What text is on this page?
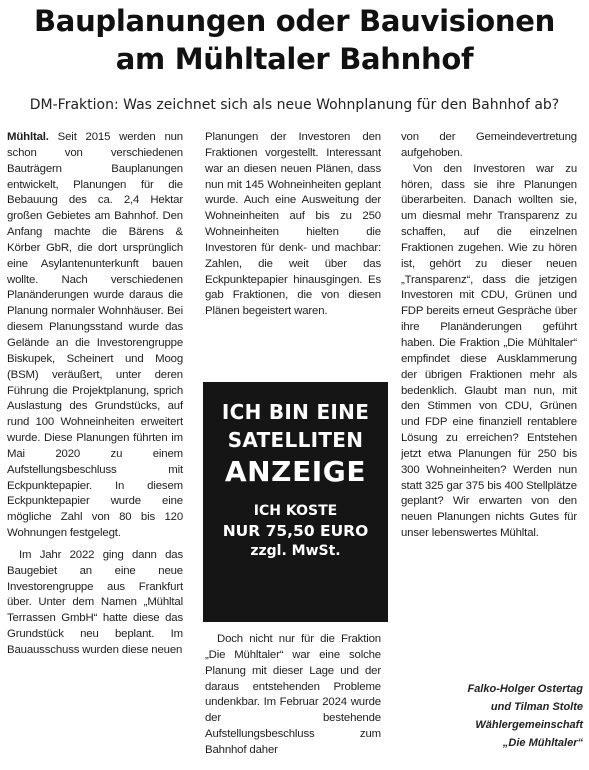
Bauplanungen oder Bauvisionen
am Mühltaler Bahnhof
DM-Fraktion: Was zeichnet sich als neue Wohnplanung für den Bahnhof ab?

Mühltal. Seit 2015 werden nun schon von verschiedenen Bauträgern Bauplanungen entwickelt, Planungen für die Bebauung des ca. 2,4 Hektar großen Gebietes am Bahnhof. Den Anfang machte die Bärens & Körber GbR, die dort ursprünglich eine Asylantenunterkunft bauen wollte. Nach verschiedenen Planänderungen wurde daraus die Planung normaler Wohnhäuser. Bei diesem Planungsstand wurde das Gelände an die Investorengruppe Biskupek, Scheinert und Moog (BSM) veräußert, unter deren Führung die Projektplanung, sprich Auslastung des Grundstücks, auf rund 100 Wohneinheiten erweitert wurde. Diese Planungen führten im Mai 2020 zu einem Aufstellungsbeschluss mit Eckpunktepapier. In diesem Eckpunktepapier wurde eine mögliche Zahl von 80 bis 120 Wohnungen festgelegt.

Im Jahr 2022 ging dann das Baugebiet an eine neue Investorengruppe aus Frankfurt über. Unter dem Namen „Mühltal Terrassen GmbH“ hatte diese das Grundstück neu beplant. Im Bauausschuss wurden diese neuen

Planungen der Investoren den Fraktionen vorgestellt. Interessant war an diesen neuen Plänen, dass nun mit 145 Wohneinheiten geplant wurde. Auch eine Ausweitung der Wohneinheiten auf bis zu 250 Wohneinheiten hielten die Investoren für denk- und machbar: Zahlen, die weit über das Eckpunktepapier hinausgingen. Es gab Fraktionen, die von diesen Plänen begeistert waren.

ICH BIN EINE
SATELLITEN
ANZEIGE
ICH KOSTE
NUR 75,50 EURO
zzgl. MwSt.

Doch nicht nur für die Fraktion „Die Mühltaler“ war eine solche Planung mit dieser Lage und der daraus entstehenden Probleme undenkbar. Im Februar 2024 wurde der bestehende Aufstellungsbeschluss zum Bahnhof daher

von der Gemeindevertretung aufgehoben.

Von den Investoren war zu hören, dass sie ihre Planungen überarbeiten. Danach wollten sie, um diesmal mehr Transparenz zu schaffen, auf die einzelnen Fraktionen zugehen. Wie zu hören ist, gehört zu dieser neuen „Transparenz“, dass die jetzigen Investoren mit CDU, Grünen und FDP bereits erneut Gespräche über ihre Planänderungen geführt haben. Die Fraktion „Die Mühltaler“ empfindet diese Ausklammerung der übrigen Fraktionen mehr als bedenklich. Glaubt man nun, mit den Stimmen von CDU, Grünen und FDP eine finanziell rentablere Lösung zu erreichen? Entstehen jetzt etwa Planungen für 250 bis 300 Wohneinheiten? Werden nun statt 325 gar 375 bis 400 Stellplätze geplant? Wir erwarten von den neuen Planungen nichts Gutes für unser lebenswertes Mühltal.

Falko-Holger Ostertag
und Tilman Stolte
Wählergemeinschaft
„Die Mühltaler“
